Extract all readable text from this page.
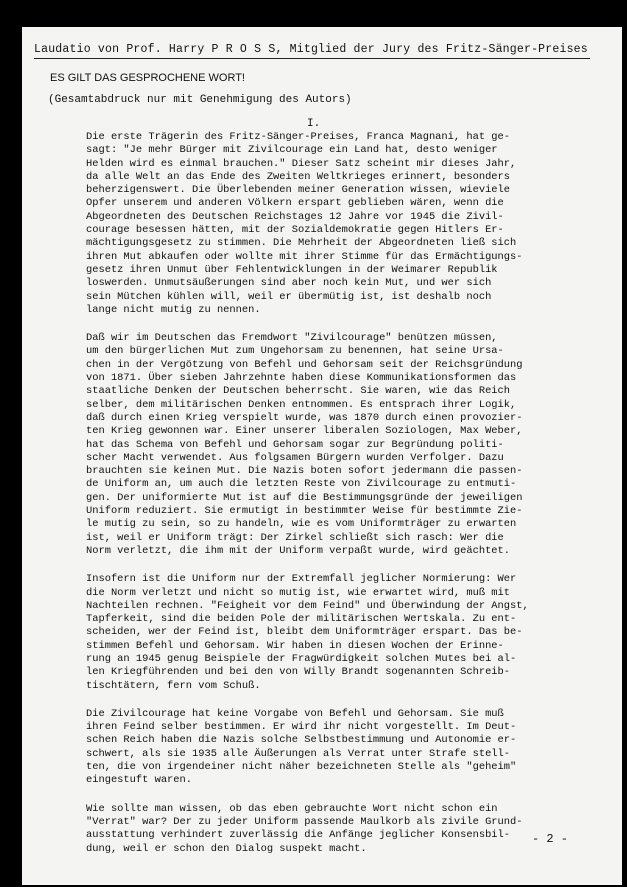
Laudatio von Prof. Harry P R O S S, Mitglied der Jury des Fritz-Sänger-Preises
ES GILT DAS GESPROCHENE WORT!
(Gesamtabdruck nur mit Genehmigung des Autors)
I.

Die erste Trägerin des Fritz-Sänger-Preises, Franca Magnani, hat ge-
sagt: "Je mehr Bürger mit Zivilcourage ein Land hat, desto weniger
Helden wird es einmal brauchen." Dieser Satz scheint mir dieses Jahr,
da alle Welt an das Ende des Zweiten Weltkrieges erinnert, besonders
beherzigenswert. Die Überlebenden meiner Generation wissen, wieviele
Opfer unserem und anderen Völkern erspart geblieben wären, wenn die
Abgeordneten des Deutschen Reichstages 12 Jahre vor 1945 die Zivil-
courage besessen hätten, mit der Sozialdemokratie gegen Hitlers Er-
mächtigungsgesetz zu stimmen. Die Mehrheit der Abgeordneten ließ sich
ihren Mut abkaufen oder wollte mit ihrer Stimme für das Ermächtigungs-
gesetz ihren Unmut über Fehlentwicklungen in der Weimarer Republik
loswerden. Unmutsäußerungen sind aber noch kein Mut, und wer sich
sein Mütchen kühlen will, weil er übermütig ist, ist deshalb noch
lange nicht mutig zu nennen.

Daß wir im Deutschen das Fremdwort "Zivilcourage" benützen müssen,
um den bürgerlichen Mut zum Ungehorsam zu benennen, hat seine Ursa-
chen in der Vergötzung von Befehl und Gehorsam seit der Reichsgründung
von 1871. Über sieben Jahrzehnte haben diese Kommunikationsformen das
staatliche Denken der Deutschen beherrscht. Sie waren, wie das Reich
selber, dem militärischen Denken entnommen. Es entsprach ihrer Logik,
daß durch einen Krieg verspielt wurde, was 1870 durch einen provozier-
ten Krieg gewonnen war. Einer unserer liberalen Soziologen, Max Weber,
hat das Schema von Befehl und Gehorsam sogar zur Begründung politi-
scher Macht verwendet. Aus folgsamen Bürgern wurden Verfolger. Dazu
brauchten sie keinen Mut. Die Nazis boten sofort jedermann die passen-
de Uniform an, um auch die letzten Reste von Zivilcourage zu entmuti-
gen. Der uniformierte Mut ist auf die Bestimmungsgründe der jeweiligen
Uniform reduziert. Sie ermutigt in bestimmter Weise für bestimmte Zie-
le mutig zu sein, so zu handeln, wie es vom Uniformträger zu erwarten
ist, weil er Uniform trägt: Der Zirkel schließt sich rasch: Wer die
Norm verletzt, die ihm mit der Uniform verpaßt wurde, wird geächtet.

Insofern ist die Uniform nur der Extremfall jeglicher Normierung: Wer
die Norm verletzt und nicht so mutig ist, wie erwartet wird, muß mit
Nachteilen rechnen. "Feigheit vor dem Feind" und Überwindung der Angst,
Tapferkeit, sind die beiden Pole der militärischen Wertskala. Zu ent-
scheiden, wer der Feind ist, bleibt dem Uniformträger erspart. Das be-
stimmen Befehl und Gehorsam. Wir haben in diesen Wochen der Erinne-
rung an 1945 genug Beispiele der Fragwürdigkeit solchen Mutes bei al-
len Kriegführenden und bei den von Willy Brandt sogenannten Schreib-
tischtätern, fern vom Schuß.

Die Zivilcourage hat keine Vorgabe von Befehl und Gehorsam. Sie muß
ihren Feind selber bestimmen. Er wird ihr nicht vorgestellt. Im Deut-
schen Reich haben die Nazis solche Selbstbestimmung und Autonomie er-
schwert, als sie 1935 alle Äußerungen als Verrat unter Strafe stell-
ten, die von irgendeiner nicht näher bezeichneten Stelle als "geheim"
eingestuft waren.

Wie sollte man wissen, ob das eben gebrauchte Wort nicht schon ein
"Verrat" war? Der zu jeder Uniform passende Maulkorb als zivile Grund-
ausstattung verhindert zuverlässig die Anfänge jeglicher Konsensbil-
dung, weil er schon den Dialog suspekt macht.

- 2 -
